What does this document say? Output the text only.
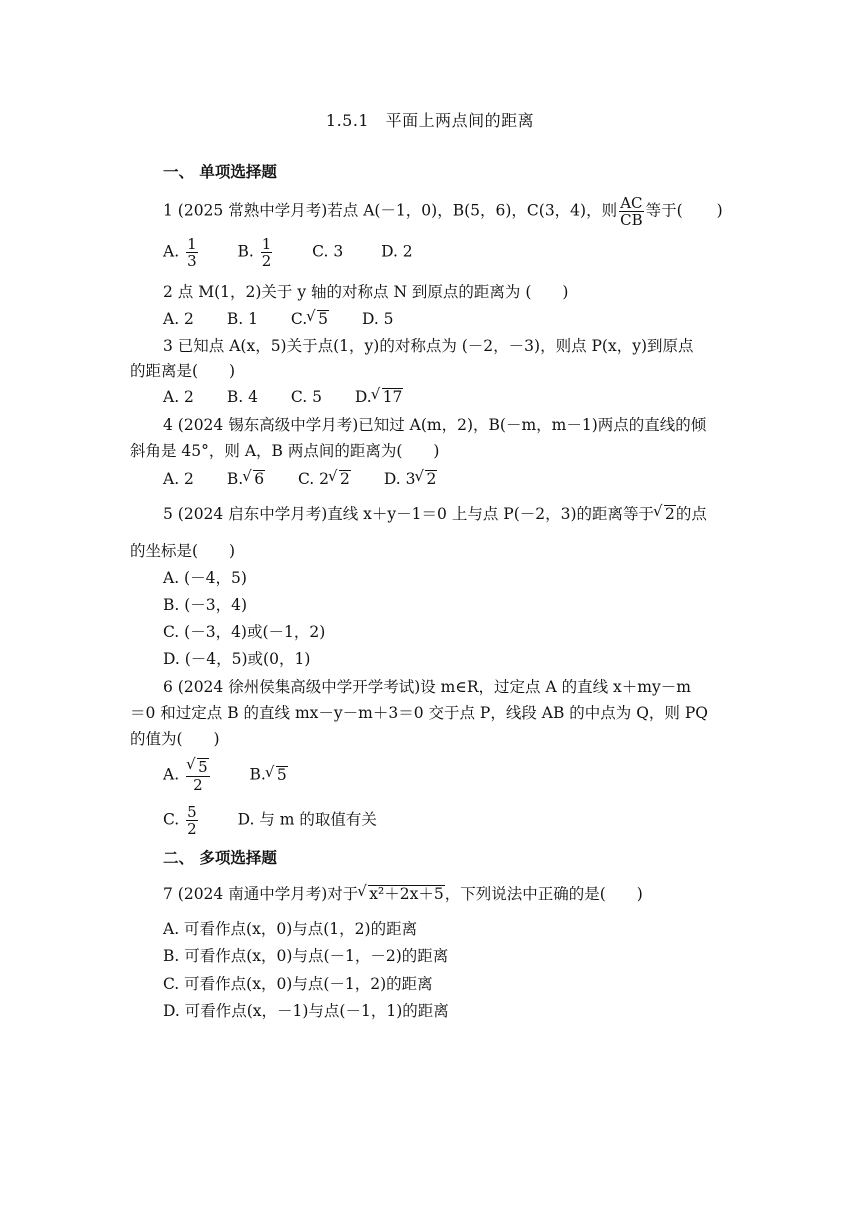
1.5.1　平面上两点间的距离
一、 单项选择题
1 (2025 常熟中学月考)若点 A(－1，0)，B(5，6)，C(3，4)，则 $\frac{AC}{CB}$ 等于( )
A. $\frac{1}{3}$	B. $\frac{1}{2}$	C. 3 D. 2
2 点 M(1，2)关于 y 轴的对称点 N 到原点的距离为 (　　)
A. 2 B. 1 C. √ 5 D. 5
3 已知点 A(x，5)关于点(1，y)的对称点为 (－2，－3)，则点 P(x，y)到原点
的距离是(　　)
A. 2 B. 4 C. 5 D. √ 17
4 (2024 锡东高级中学月考)已知过 A(m，2)，B(－m，m－1)两点的直线的倾
斜角是 45°，则 A，B 两点间的距离为(　　)
A. 2 B. √ 6 C. 2 √ 2 D. 3 √ 2
5 (2024 启东中学月考)直线 x＋y－1＝0 上与点 P(－2，3)的距离等于 √ 2的点
的坐标是(　　)
A. (－4，5)
B. (－3，4)
C. (－3，4)或(－1，2)
D. (－4，5)或(0，1)
6 (2024 徐州侯集高级中学开学考试)设 m∈R，过定点 A 的直线 x＋my－m
＝0 和过定点 B 的直线 mx－y－m＋3＝0 交于点 P，线段 AB 的中点为 Q，则 PQ
的值为(　　)
A. √ $\frac{5}{2}$	B. √ 5
C. $\frac{5}{2}$	D. 与 m 的取值有关
二、 多项选择题
7 (2024 南通中学月考)对于 √ x²＋2x＋5，下列说法中正确的是(　　)
A. 可看作点(x，0)与点(1，2)的距离
B. 可看作点(x，0)与点(－1，－2)的距离
C. 可看作点(x，0)与点(－1，2)的距离
D. 可看作点(x，－1)与点(－1，1)的距离
